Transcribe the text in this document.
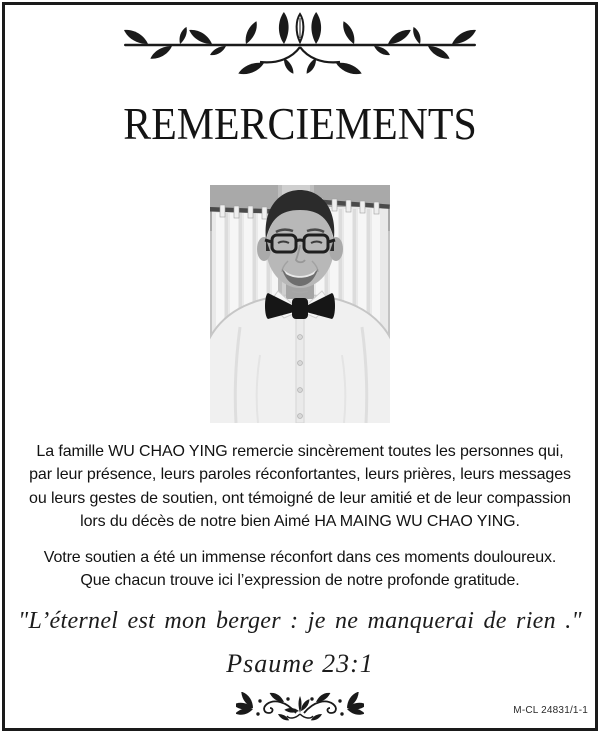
REMERCIEMENTS
La famille WU CHAO YING remercie sincèrement toutes les personnes qui,
par leur présence, leurs paroles réconfortantes, leurs prières, leurs messages
ou leurs gestes de soutien, ont témoigné de leur amitié et de leur compassion
lors du décès de notre bien Aimé HA MAING WU CHAO YING.
Votre soutien a été un immense réconfort dans ces moments douloureux.
Que chacun trouve ici l’expression de notre profonde gratitude.
"L’éternel est mon berger : je ne manquerai de rien ."
Psaume 23:1
M-CL 24831/1-1
